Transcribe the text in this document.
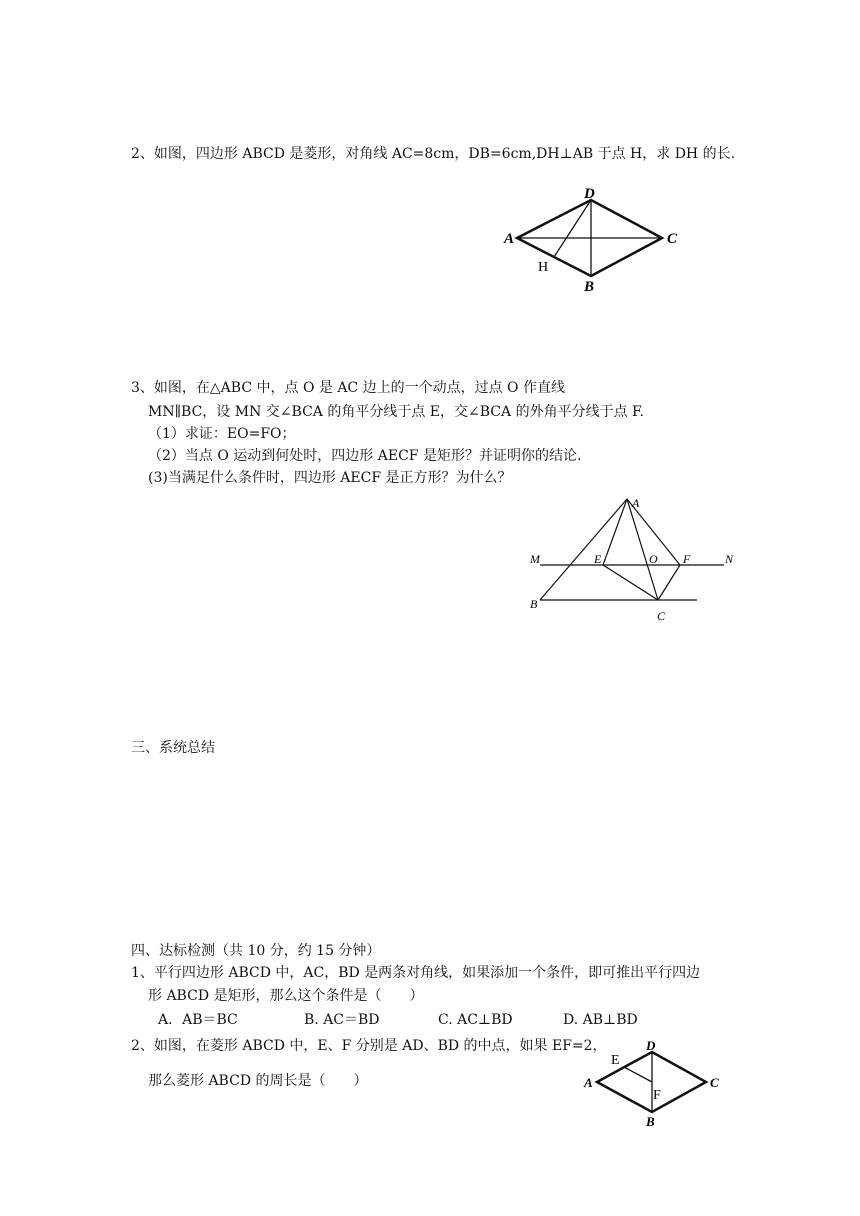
2、如图，四边形 ABCD 是菱形，对角线 AC=8cm，DB=6cm,DH⊥AB 于点 H，求 DH 的长.
D
A	C
B
H
3、如图，在△ABC 中，点 O 是 AC 边上的一个动点，过点 O 作直线
MN∥BC，设 MN 交∠BCA 的角平分线于点 E，交∠BCA 的外角平分线于点 F.
（1）求证：EO=FO；
（2）当点 O 运动到何处时，四边形 AECF 是矩形？并证明你的结论.
(3)当满足什么条件时，四边形 AECF 是正方形？为什么？
A
M	E	O F	N
B
C
三、系统总结
四、达标检测（共 10 分，约 15 分钟）
1、平行四边形 ABCD 中，AC，BD 是两条对角线，如果添加一个条件，即可推出平行四边
形 ABCD 是矩形，那么这个条件是（　　）
A．AB＝BC	B. AC＝BD	C. AC⊥BD	D. AB⊥BD
2、如图，在菱形 ABCD 中，E、F 分别是 AD、BD 的中点，如果 EF=2，
那么菱形 ABCD 的周长是（　　）
D
E
A	C
F
B
